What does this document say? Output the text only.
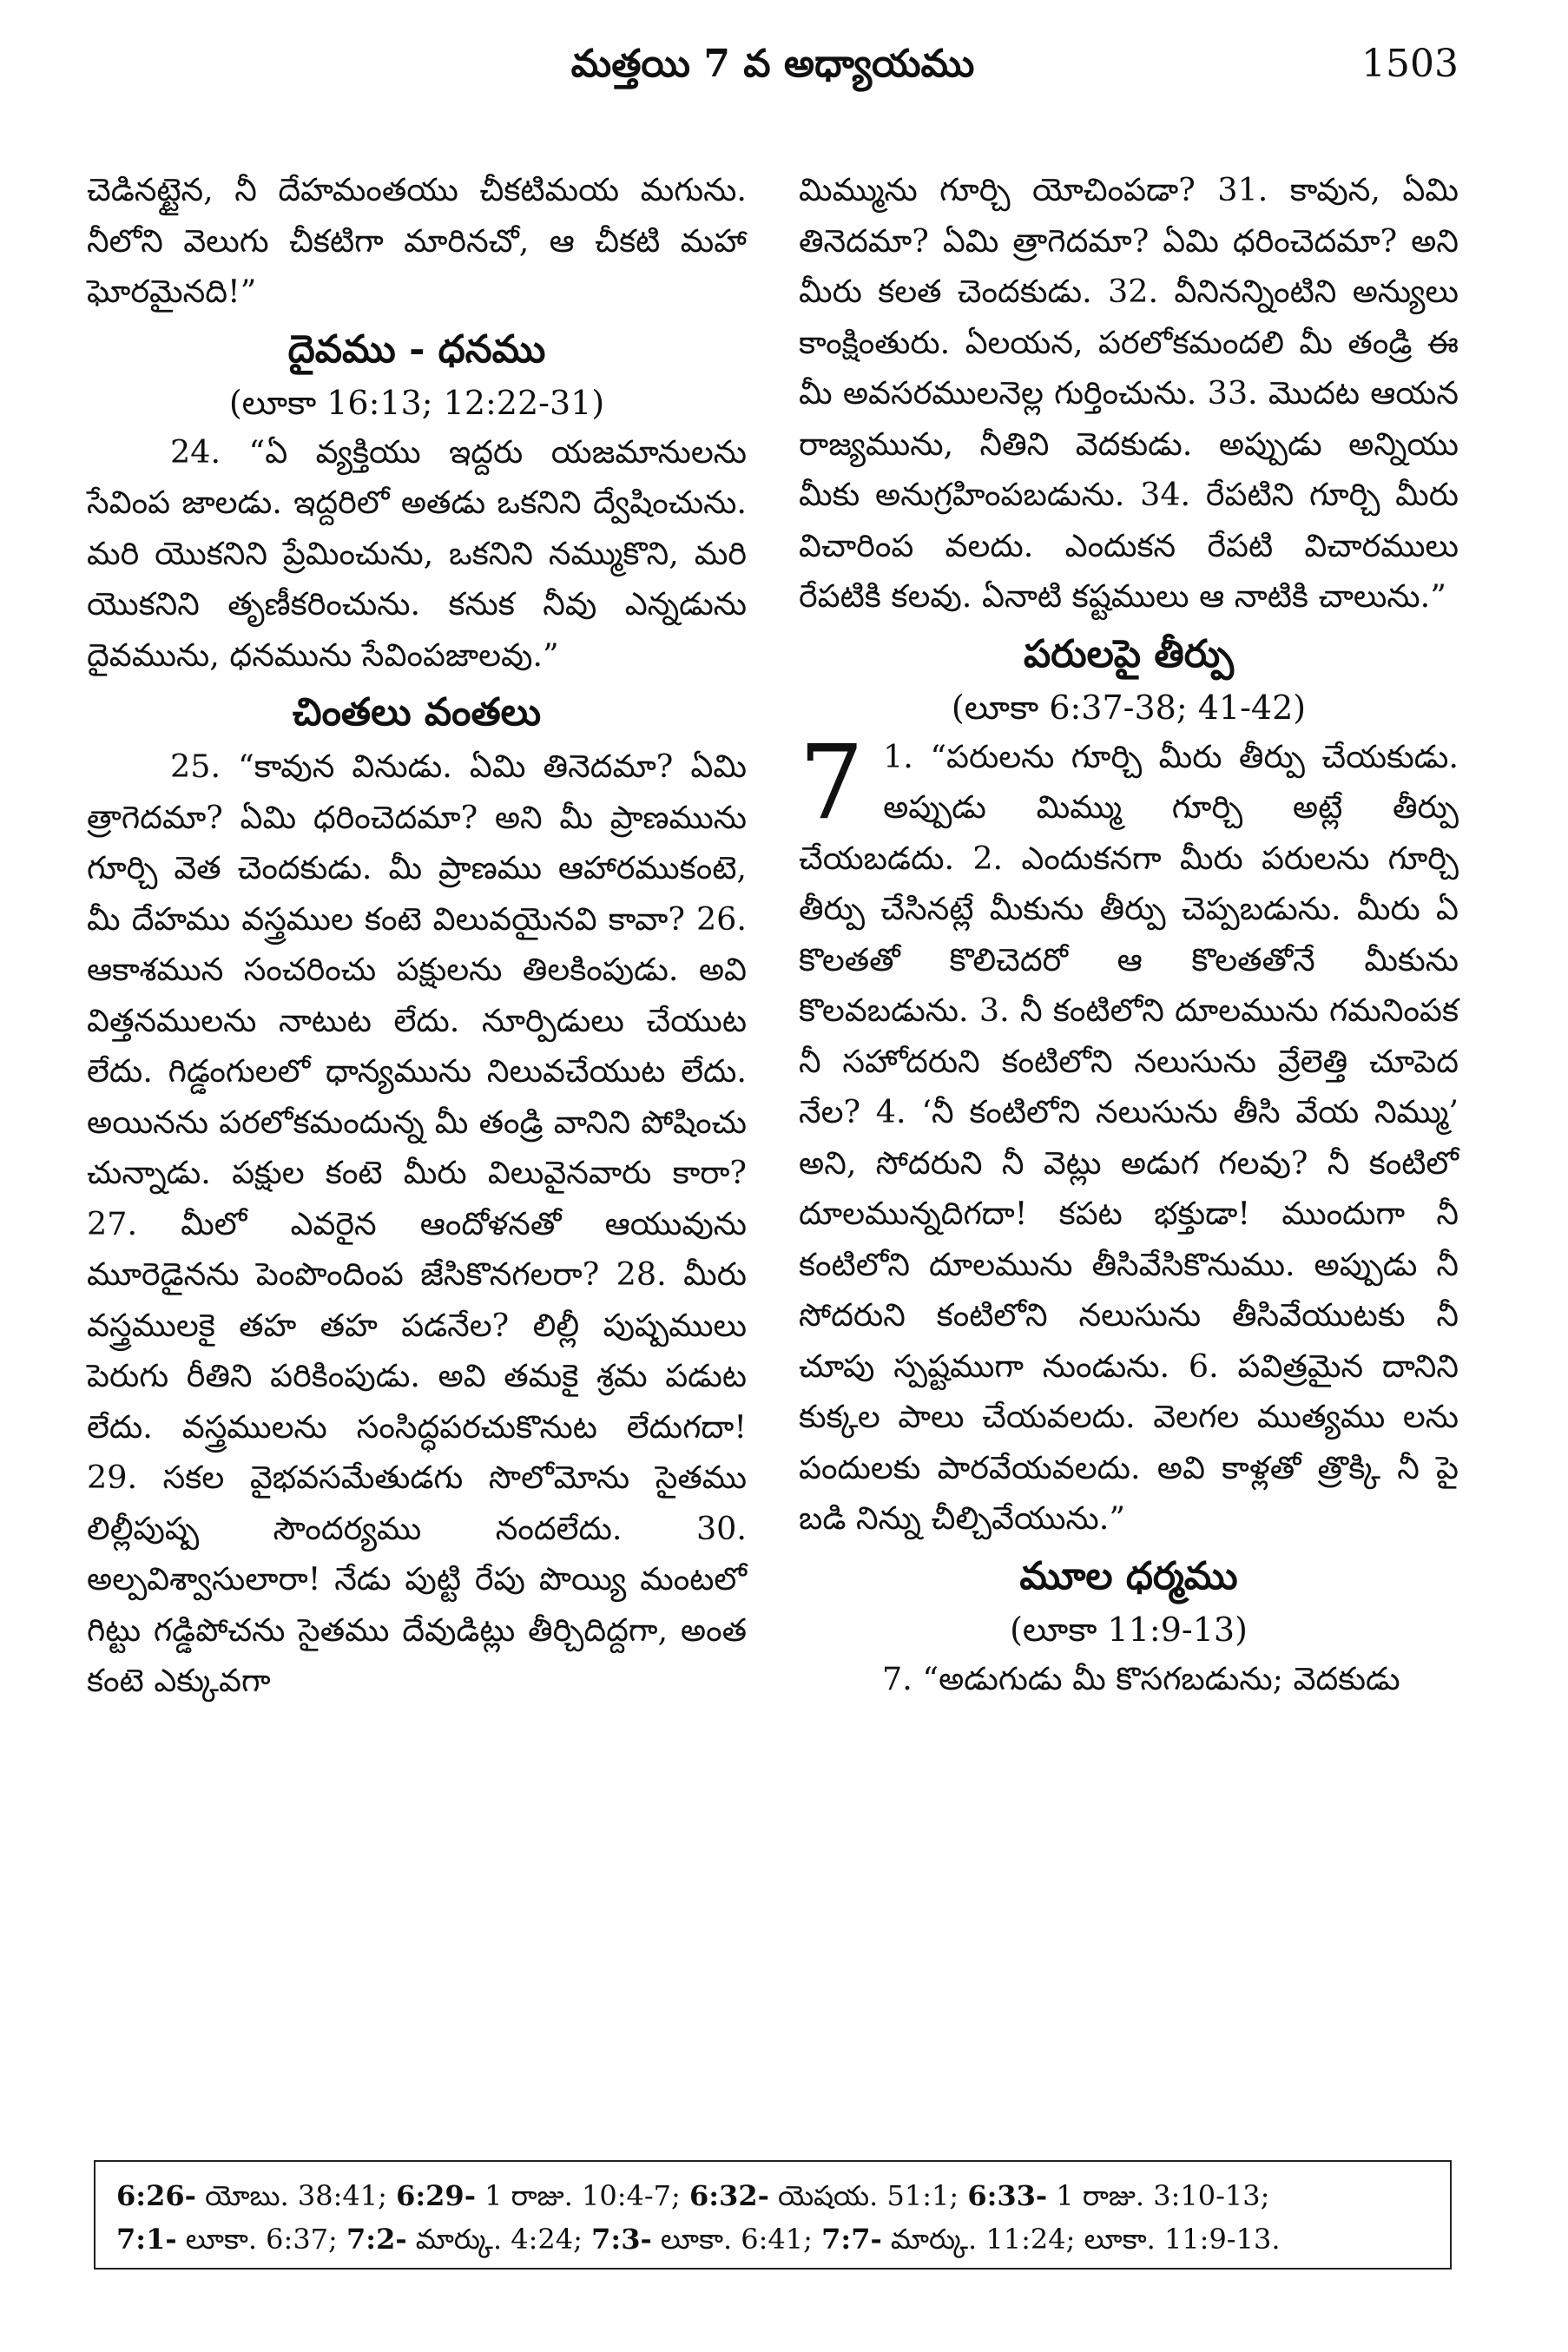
మత్తయి 7 వ అధ్యాయము	1503
చెడినట్టైన, నీ దేహమంతయు చీకటిమయ మగును. నీలోని వెలుగు చీకటిగా మారినచో, ఆ చీకటి మహా ఘోరమైనది!”
దైవము - ధనము
(లూకా 16:13; 12:22-31)
24. “ఏ వ్యక్తియు ఇద్దరు యజమానులను సేవింప జాలడు. ఇద్దరిలో అతడు ఒకనిని ద్వేషించును. మరి యొకనిని ప్రేమించును, ఒకనిని నమ్ముకొని, మరి యొకనిని తృణీకరించును. కనుక నీవు ఎన్నడును దైవమును, ధనమును సేవింపజాలవు.”
చింతలు వంతలు
25. “కావున వినుడు. ఏమి తినెదమా? ఏమి త్రాగెదమా? ఏమి ధరించెదమా? అని మీ ప్రాణమును గూర్చి వెత చెందకుడు. మీ ప్రాణము ఆహారముకంటె, మీ దేహము వస్త్రముల కంటె విలువయైనవి కావా? 26. ఆకాశమున సంచరించు పక్షులను తిలకింపుడు. అవి విత్తనములను నాటుట లేదు. నూర్పిడులు చేయుట లేదు. గిడ్డంగులలో ధాన్యమును నిలువచేయుట లేదు. అయినను పరలోకమందున్న మీ తండ్రి వానిని పోషించు చున్నాడు. పక్షుల కంటె మీరు విలువైనవారు కారా? 27. మీలో ఎవరైన ఆందోళనతో ఆయువును మూరెడైనను పెంపొందింప జేసికొనగలరా? 28. మీరు వస్త్రములకై తహ తహ పడనేల? లిల్లీ పుష్పములు పెరుగు రీతిని పరికింపుడు. అవి తమకై శ్రమ పడుట లేదు. వస్త్రములను సంసిద్ధపరచుకొనుట లేదుగదా! 29. సకల వైభవసమేతుడగు సొలోమోను సైతము లిల్లీపుష్ప సౌందర్యము నందలేదు. 30. అల్పవిశ్వాసులారా! నేడు పుట్టి రేపు పొయ్యి మంటలో గిట్టు గడ్డిపోచను సైతము దేవుడిట్లు తీర్చిదిద్దగా, అంత కంటె ఎక్కువగా
మిమ్మును గూర్చి యోచింపడా? 31. కావున, ఏమి తినెదమా? ఏమి త్రాగెదమా? ఏమి ధరించెదమా? అని మీరు కలత చెందకుడు. 32. వీనినన్నింటిని అన్యులు కాంక్షింతురు. ఏలయన, పరలోకమందలి మీ తండ్రి ఈ మీ అవసరములనెల్ల గుర్తించును. 33. మొదట ఆయన రాజ్యమును, నీతిని వెదకుడు. అప్పుడు అన్నియు మీకు అనుగ్రహింపబడును. 34. రేపటిని గూర్చి మీరు విచారింప వలదు. ఎందుకన రేపటి విచారములు రేపటికి కలవు. ఏనాటి కష్టములు ఆ నాటికి చాలును.”
పరులపై తీర్పు
(లూకా 6:37-38; 41-42)
7 1. “పరులను గూర్చి మీరు తీర్పు చేయకుడు. అప్పుడు మిమ్ము గూర్చి అట్లే తీర్పు చేయబడదు. 2. ఎందుకనగా మీరు పరులను గూర్చి తీర్పు చేసినట్లే మీకును తీర్పు చెప్పబడును. మీరు ఏ కొలతతో కొలిచెదరో ఆ కొలతతోనే మీకును కొలవబడును. 3. నీ కంటిలోని దూలమును గమనింపక నీ సహోదరుని కంటిలోని నలుసును వ్రేలెత్తి చూపెద నేల? 4. ‘నీ కంటిలోని నలుసును తీసి వేయ నిమ్ము’ అని, సోదరుని నీ వెట్లు అడుగ గలవు? నీ కంటిలో దూలమున్నదిగదా! కపట భక్తుడా! ముందుగా నీ కంటిలోని దూలమును తీసివేసికొనుము. అప్పుడు నీ సోదరుని కంటిలోని నలుసును తీసివేయుటకు నీ చూపు స్పష్టముగా నుండును. 6. పవిత్రమైన దానిని కుక్కల పాలు చేయవలదు. వెలగల ముత్యము లను పందులకు పారవేయవలదు. అవి కాళ్లతో త్రొక్కి నీ పై బడి నిన్ను చీల్చివేయును.”
మూల ధర్మము
(లూకా 11:9-13)
7. “అడుగుడు మీ కొసగబడును; వెదకుడు
6:26- యోబు. 38:41; 6:29- 1 రాజు. 10:4-7; 6:32- యెషయ. 51:1; 6:33- 1 రాజు. 3:10-13;
7:1- లూకా. 6:37; 7:2- మార్కు. 4:24; 7:3- లూకా. 6:41; 7:7- మార్కు. 11:24; లూకా. 11:9-13.
